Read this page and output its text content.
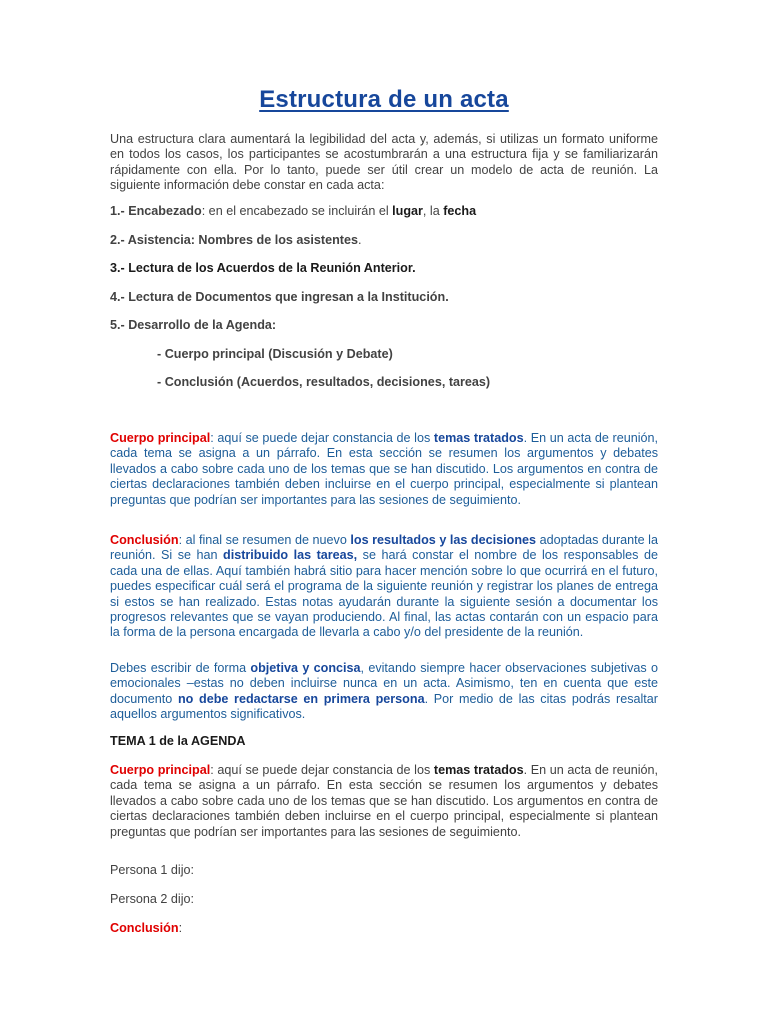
Estructura de un acta

Una estructura clara aumentará la legibilidad del acta y, además, si utilizas un formato uniforme en todos los casos, los participantes se acostumbrarán a una estructura fija y se familiarizarán rápidamente con ella. Por lo tanto, puede ser útil crear un modelo de acta de reunión. La siguiente información debe constar en cada acta:

1.- Encabezado: en el encabezado se incluirán el lugar, la fecha
2.- Asistencia: Nombres de los asistentes.
3.- Lectura de los Acuerdos de la Reunión Anterior.
4.- Lectura de Documentos que ingresan a la Institución.
5.- Desarrollo de la Agenda:
- Cuerpo principal (Discusión y Debate)
- Conclusión (Acuerdos, resultados, decisiones, tareas)

Cuerpo principal: aquí se puede dejar constancia de los temas tratados. En un acta de reunión, cada tema se asigna a un párrafo. En esta sección se resumen los argumentos y debates llevados a cabo sobre cada uno de los temas que se han discutido. Los argumentos en contra de ciertas declaraciones también deben incluirse en el cuerpo principal, especialmente si plantean preguntas que podrían ser importantes para las sesiones de seguimiento.

Conclusión: al final se resumen de nuevo los resultados y las decisiones adoptadas durante la reunión. Si se han distribuido las tareas, se hará constar el nombre de los responsables de cada una de ellas. Aquí también habrá sitio para hacer mención sobre lo que ocurrirá en el futuro, puedes especificar cuál será el programa de la siguiente reunión y registrar los planes de entrega si estos se han realizado. Estas notas ayudarán durante la siguiente sesión a documentar los progresos relevantes que se vayan produciendo. Al final, las actas contarán con un espacio para la forma de la persona encargada de llevarla a cabo y/o del presidente de la reunión.

Debes escribir de forma objetiva y concisa, evitando siempre hacer observaciones subjetivas o emocionales –estas no deben incluirse nunca en un acta. Asimismo, ten en cuenta que este documento no debe redactarse en primera persona. Por medio de las citas podrás resaltar aquellos argumentos significativos.

TEMA 1 de la AGENDA

Cuerpo principal: aquí se puede dejar constancia de los temas tratados. En un acta de reunión, cada tema se asigna a un párrafo. En esta sección se resumen los argumentos y debates llevados a cabo sobre cada uno de los temas que se han discutido. Los argumentos en contra de ciertas declaraciones también deben incluirse en el cuerpo principal, especialmente si plantean preguntas que podrían ser importantes para las sesiones de seguimiento.

Persona 1 dijo:
Persona 2 dijo:
Conclusión:
